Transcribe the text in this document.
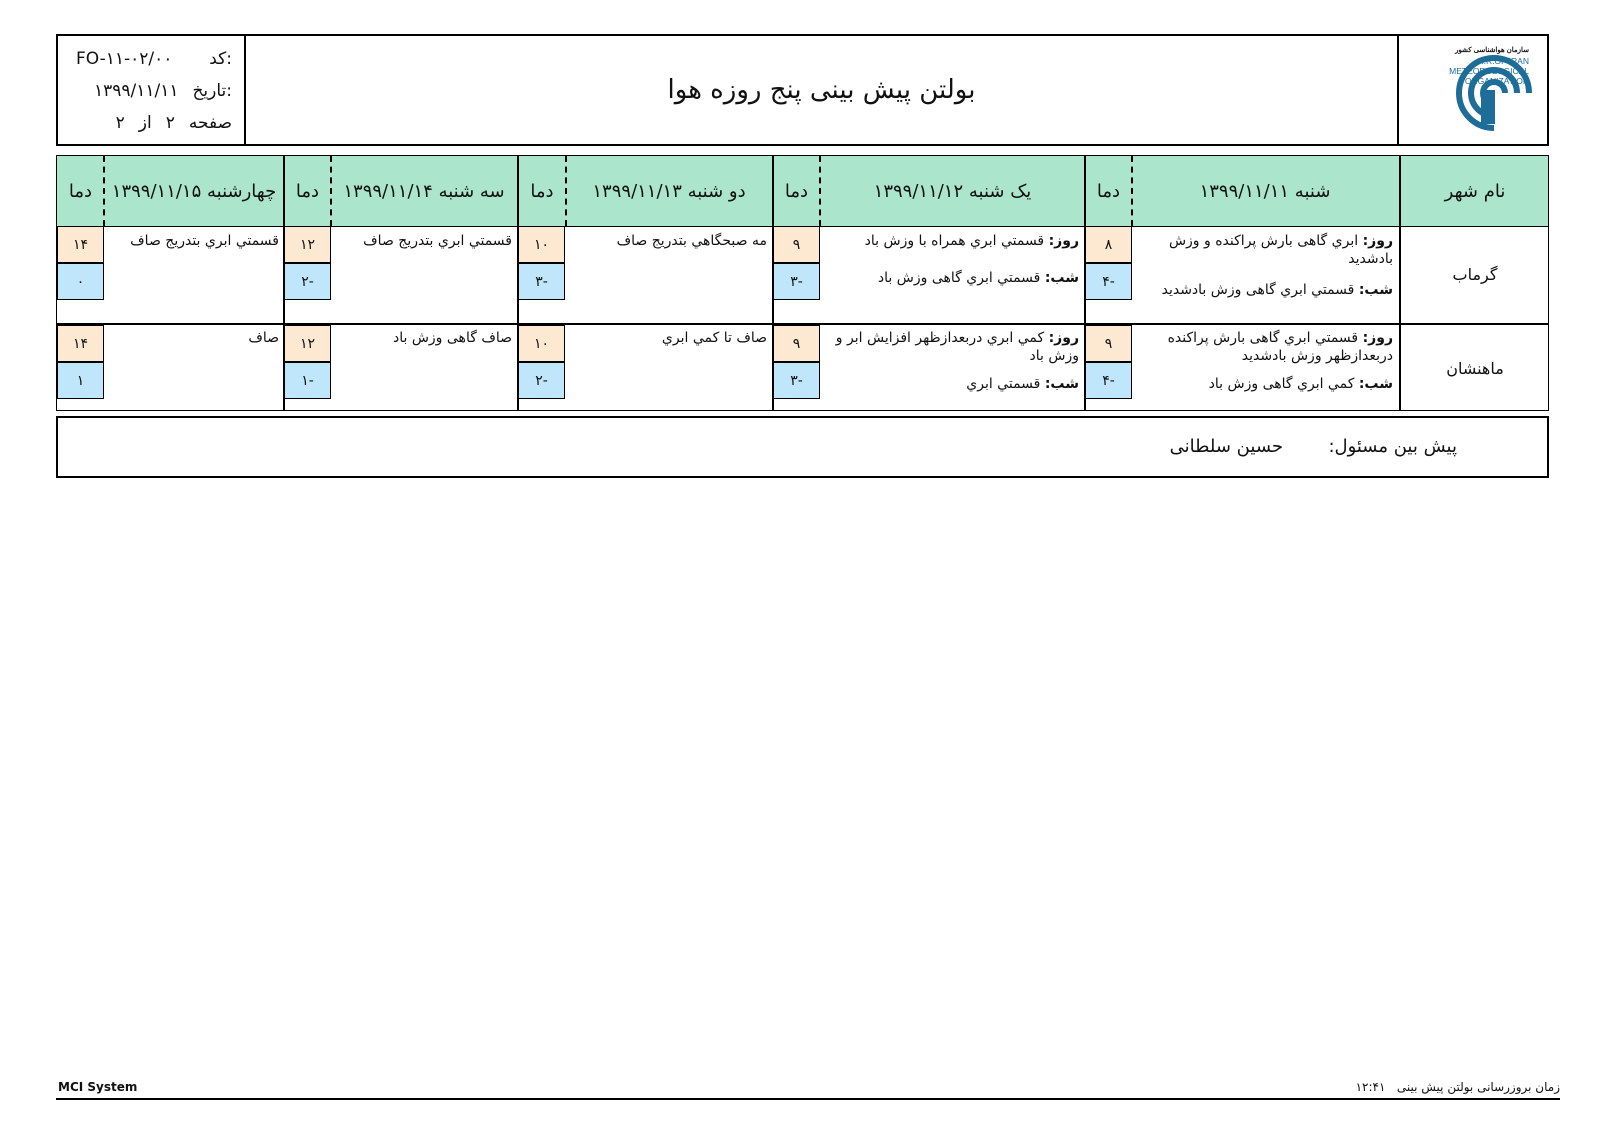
سازمان هواشناسی کشور
I.R.OF IRAN
METEOROLOGICAL
ORGANIZATION
بولتن پیش بینی پنج روزه هوا
کد:
FO-۱۱-۰۲/۰۰
تاریخ:
۱۳۹۹/۱۱/۱۱
صفحه
۲
از
۲
نام شهر
شنبه ۱۳۹۹/۱۱/۱۱
دما
یک شنبه ۱۳۹۹/۱۱/۱۲
دما
دو شنبه ۱۳۹۹/۱۱/۱۳
دما
سه شنبه ۱۳۹۹/۱۱/۱۴
دما
چهارشنبه ۱۳۹۹/۱۱/۱۵
دما
گرماب
روز: ابري گاهی بارش پراکنده و وزش بادشديد
شب: قسمتي ابري گاهی وزش بادشديد
۸
-۴
روز: قسمتي ابري همراه با وزش باد
شب: قسمتي ابري گاهی وزش باد
۹
-۳
مه صبحگاهي بتدريج صاف
۱۰
-۳
قسمتي ابري بتدريج صاف
۱۲
-۲
قسمتي ابري بتدريج صاف
۱۴
۰
ماهنشان
روز: قسمتي ابري گاهی بارش پراکنده دربعدازظهر وزش بادشديد
شب: كمي ابري گاهی وزش باد
۹
-۴
روز: كمي ابري دربعدازظهر افزايش ابر و وزش باد
شب: قسمتي ابري
۹
-۳
صاف تا كمي ابري
۱۰
-۲
صاف گاهی وزش باد
۱۲
-۱
صاف
۱۴
۱
پیش بین مسئول:
حسین سلطانی
MCI System	زمان بروزرسانی بولتن پیش بینی   ۱۲:۴۱
